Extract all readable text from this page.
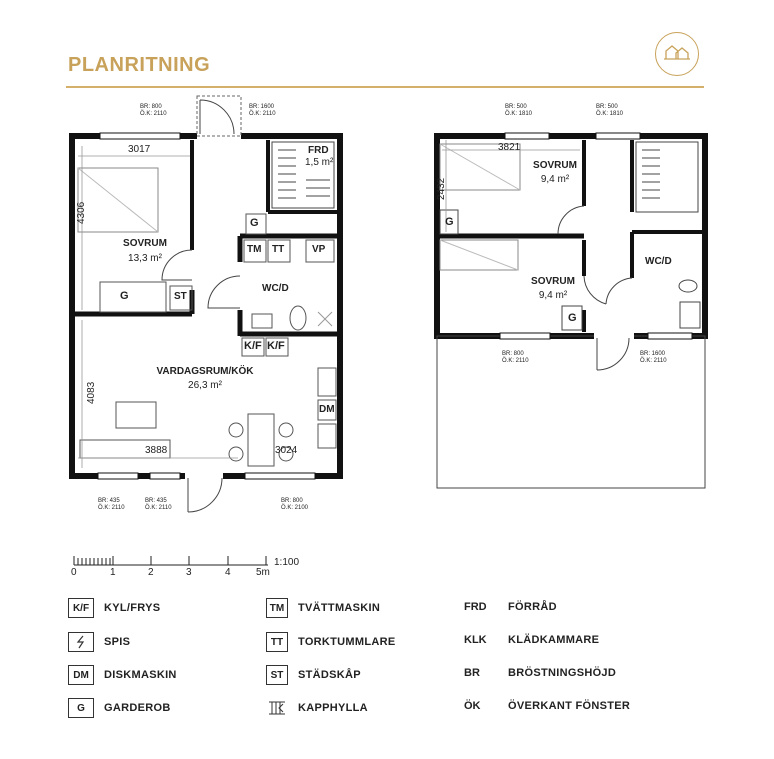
PLANRITNING
SOVRUM
13,3 m²
WC/D
FRD
1,5 m²
VARDAGSRUM/KÖK
26,3 m²
G
G	ST
TM TT	VP
K/F K/F
DM
3017
4306
4083
3888	3024
BR: 800
Ö.K: 2110
BR: 1600
Ö.K: 2110
BR: 435
Ö.K: 2110
BR: 435
Ö.K: 2110
BR: 800
Ö.K: 2100
SOVRUM
9,4 m²
SOVRUM
9,4 m²
WC/D
G
G
3821
2432
BR: 500
Ö.K: 1810
BR: 500
Ö.K: 1810
BR: 800
Ö.K: 2110
BR: 1600
Ö.K: 2110
1:100
0	1	2	3	4	5m
K/F	KYL/FRYS
SPIS
DM	DISKMASKIN
G	GARDEROB
TM	TVÄTTMASKIN
TT	TORKTUMMLARE
ST	STÄDSKÅP
KAPPHYLLA
FRD	FÖRRÅD
KLK	KLÄDKAMMARE
BR	BRÖSTNINGSHÖJD
ÖK	ÖVERKANT FÖNSTER
